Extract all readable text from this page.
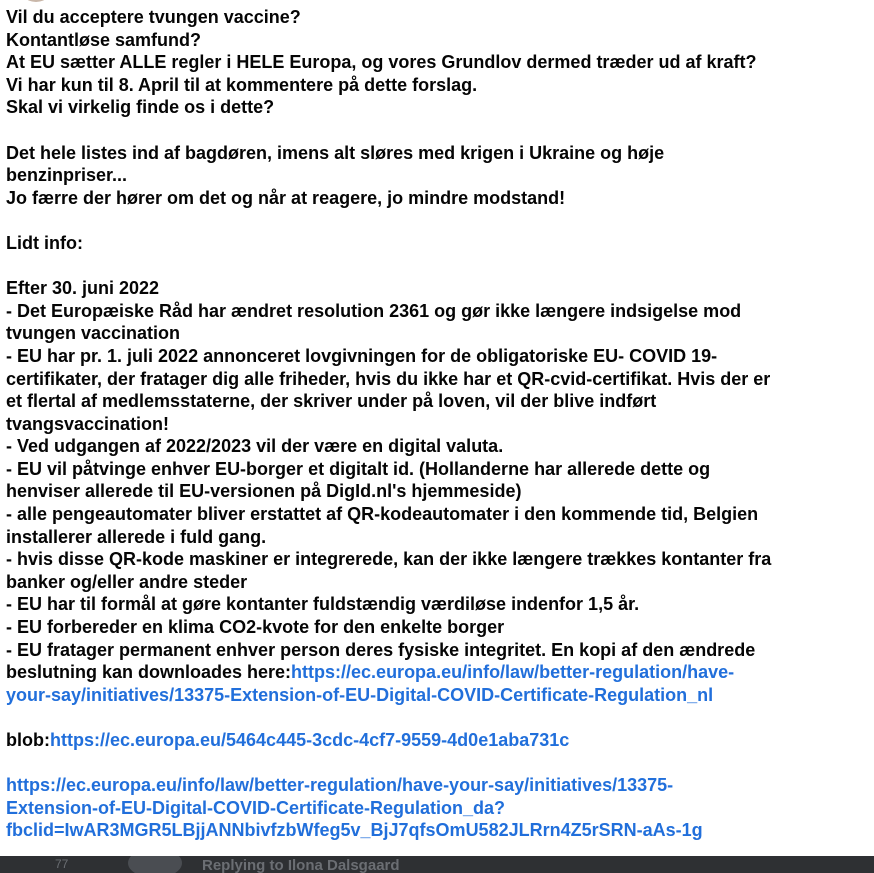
Vil du acceptere tvungen vaccine?
Kontantløse samfund?
At EU sætter ALLE regler i HELE Europa, og vores Grundlov dermed træder ud af kraft?
Vi har kun til 8. April til at kommentere på dette forslag.
Skal vi virkelig finde os i dette?
Det hele listes ind af bagdøren, imens alt sløres med krigen i Ukraine og høje
benzinpriser...
Jo færre der hører om det og når at reagere, jo mindre modstand!
Lidt info:
Efter 30. juni 2022
- Det Europæiske Råd har ændret resolution 2361 og gør ikke længere indsigelse mod
tvungen vaccination
- EU har pr. 1. juli 2022 annonceret lovgivningen for de obligatoriske EU- COVID 19-
certifikater, der fratager dig alle friheder, hvis du ikke har et QR-cvid-certifikat. Hvis der er
et flertal af medlemsstaterne, der skriver under på loven, vil der blive indført
tvangsvaccination!
- Ved udgangen af 2022/2023 vil der være en digital valuta.
- EU vil påtvinge enhver EU-borger et digitalt id. (Hollanderne har allerede dette og
henviser allerede til EU-versionen på DigId.nl's hjemmeside)
- alle pengeautomater bliver erstattet af QR-kodeautomater i den kommende tid, Belgien
installerer allerede i fuld gang.
- hvis disse QR-kode maskiner er integrerede, kan der ikke længere trækkes kontanter fra
banker og/eller andre steder
- EU har til formål at gøre kontanter fuldstændig værdiløse indenfor 1,5 år.
- EU forbereder en klima CO2-kvote for den enkelte borger
- EU fratager permanent enhver person deres fysiske integritet. En kopi af den ændrede
beslutning kan downloades here:https://ec.europa.eu/info/law/better-regulation/have-
your-say/initiatives/13375-Extension-of-EU-Digital-COVID-Certificate-Regulation_nl
blob:https://ec.europa.eu/5464c445-3cdc-4cf7-9559-4d0e1aba731c
https://ec.europa.eu/info/law/better-regulation/have-your-say/initiatives/13375-
Extension-of-EU-Digital-COVID-Certificate-Regulation_da?
fbclid=IwAR3MGR5LBjjANNbivfzbWfeg5v_BjJ7qfsOmU582JLRrn4Z5rSRN-aAs-1g
77	Replying to Ilona Dalsgaard
